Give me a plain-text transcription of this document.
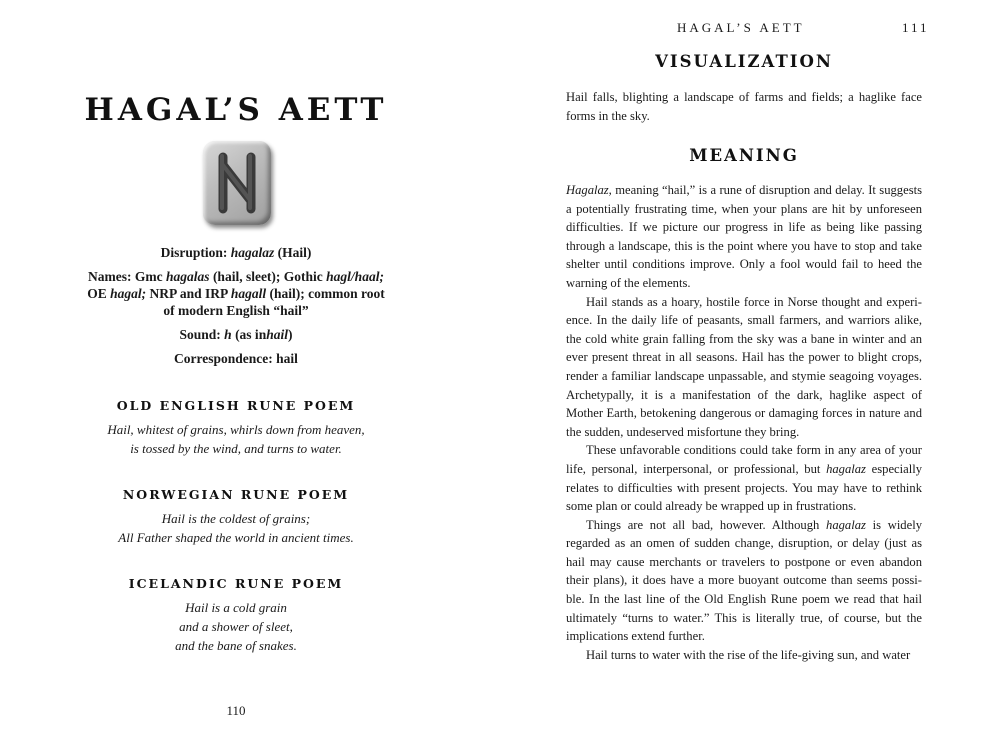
HAGAL’S AETT

Disruption: hagalaz (Hail)

Names: Gmc hagalas (hail, sleet); Gothic hagl/haal; OE hagal; NRP and IRP hagall (hail); common root of modern English “hail”

Sound: h (as inhail)

Correspondence: hail

OLD ENGLISH RUNE POEM
Hail, whitest of grains, whirls down from heaven,
is tossed by the wind, and turns to water.
NORWEGIAN RUNE POEM
Hail is the coldest of grains;
All Father shaped the world in ancient times.
ICELANDIC RUNE POEM
Hail is a cold grain
and a shower of sleet,
and the bane of snakes.
110
HAGAL’S AETT	111
VISUALIZATION

Hail falls, blighting a landscape of farms and fields; a haglike face forms in the sky.

MEANING

Hagalaz, meaning “hail,” is a rune of disruption and delay. It suggests a potentially frustrating time, when your plans are hit by unforeseen difficulties. If we picture our progress in life as being like passing through a landscape, this is the point where you have to stop and take shelter until conditions improve. Only a fool would fail to heed the warning of the elements.

Hail stands as a hoary, hostile force in Norse thought and experience. In the daily life of peasants, small farmers, and warriors alike, the cold white grain falling from the sky was a bane in winter and an ever present threat in all seasons. Hail has the power to blight crops, render a familiar landscape unpassable, and stymie seagoing voyages. Archetypally, it is a manifestation of the dark, haglike aspect of Mother Earth, betokening dangerous or damaging forces in nature and the sudden, undeserved misfortune they bring.

These unfavorable conditions could take form in any area of your life, personal, interpersonal, or professional, but hagalaz especially relates to difficulties with present projects. You may have to rethink some plan or could already be wrapped up in frustrations.

Things are not all bad, however. Although hagalaz is widely regarded as an omen of sudden change, disruption, or delay (just as hail may cause merchants or travelers to postpone or even abandon their plans), it does have a more buoyant outcome than seems possible. In the last line of the Old English Rune poem we read that hail ultimately “turns to water.” This is literally true, of course, but the implications extend further.

Hail turns to water with the rise of the life-giving sun, and water
